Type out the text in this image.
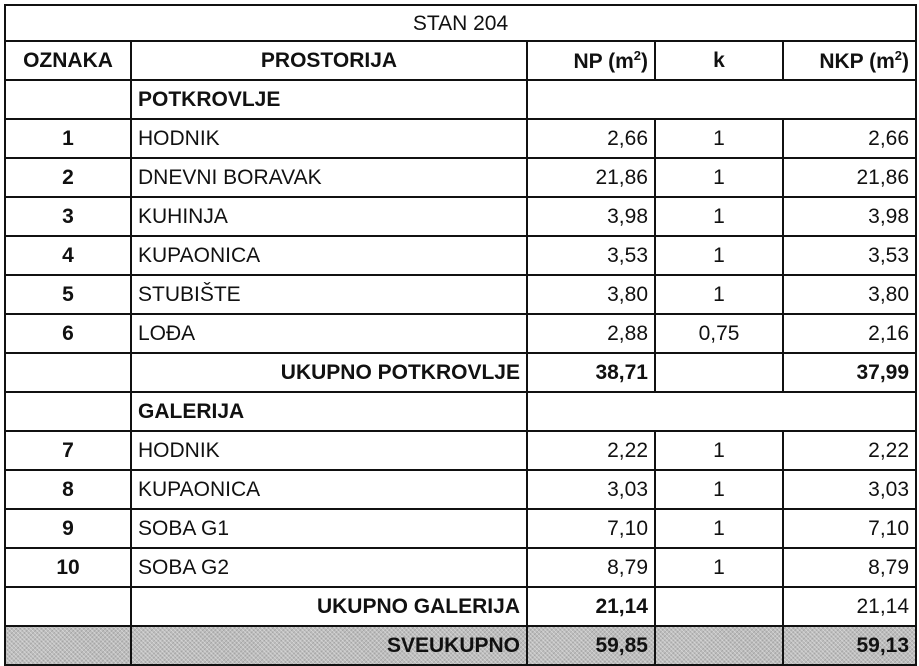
STAN 204				
OZNAKA	PROSTORIJA	NP $(m^2)$	k	NKP $(m^2)$
	POTKROVLJE			
1	HODNIK	2,66	1	2,66
2	DNEVNI BORAVAK	21,86	1	21,86
3	KUHINJA	3,98	1	3,98
4	KUPAONICA	3,53	1	3,53
5	STUBIŠTE	3,80	1	3,80
6	LOĐA	2,88	0,75	2,16
	UKUPNO POTKROVLJE	38,71		37,99
	GALERIJA			
7	HODNIK	2,22	1	2,22
8	KUPAONICA	3,03	1	3,03
9	SOBA G1	7,10	1	7,10
10	SOBA G2	8,79	1	8,79
	UKUPNO GALERIJA	21,14		21,14
	SVEUKUPNO	59,85		59,13
